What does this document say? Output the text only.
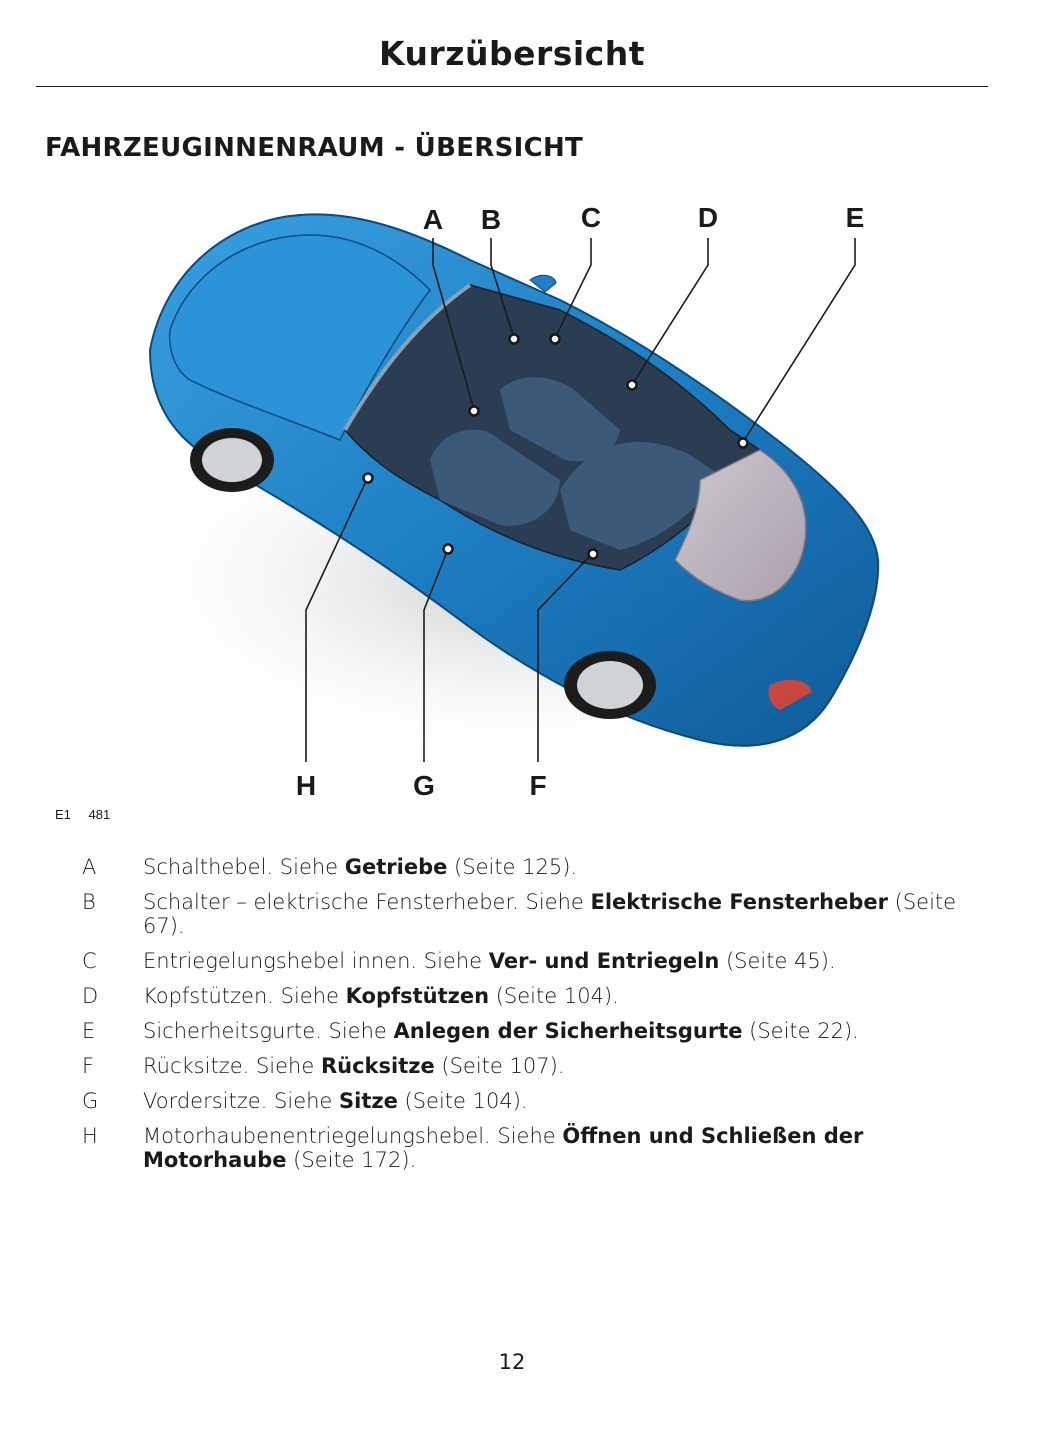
Kurzübersicht
FAHRZEUGINNENRAUM - ÜBERSICHT
A	B	C	D	E
H	G	F
E1 481
A	Schalthebel. Siehe Getriebe (Seite 125).
B	Schalter – elektrische Fensterheber. Siehe Elektrische Fensterheber (Seite 67).
C	Entriegelungshebel innen. Siehe Ver- und Entriegeln (Seite 45).
D	Kopfstützen. Siehe Kopfstützen (Seite 104).
E	Sicherheitsgurte. Siehe Anlegen der Sicherheitsgurte (Seite 22).
F	Rücksitze. Siehe Rücksitze (Seite 107).
G	Vordersitze. Siehe Sitze (Seite 104).
H	Motorhaubenentriegelungshebel. Siehe Öffnen und Schließen der Motorhaube (Seite 172).
12
